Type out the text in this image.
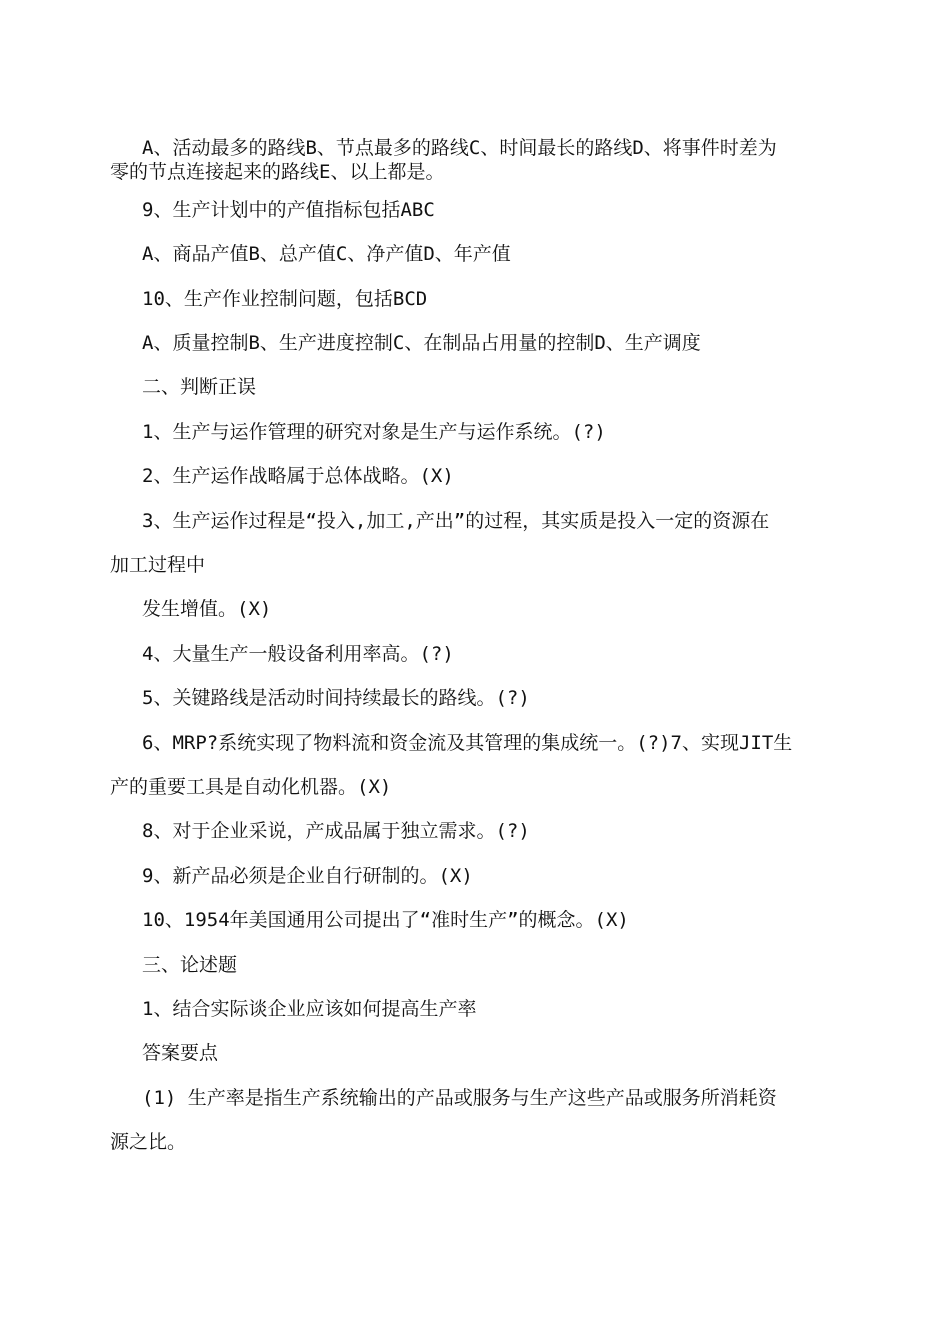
A、活动最多的路线B、节点最多的路线C、时间最长的路线D、将事件时差为
零的节点连接起来的路线E、以上都是。
9、生产计划中的产值指标包括ABC
A、商品产值B、总产值C、净产值D、年产值
10、生产作业控制问题，包括BCD
A、质量控制B、生产进度控制C、在制品占用量的控制D、生产调度
二、判断正误
1、生产与运作管理的研究对象是生产与运作系统。(?)
2、生产运作战略属于总体战略。(X)
3、生产运作过程是“投入,加工,产出”的过程，其实质是投入一定的资源在
加工过程中
发生增值。(X)
4、大量生产一般设备利用率高。(?)
5、关键路线是活动时间持续最长的路线。(?)
6、MRP?系统实现了物料流和资金流及其管理的集成统一。(?)7、实现JIT生
产的重要工具是自动化机器。(X)
8、对于企业采说，产成品属于独立需求。(?)
9、新产品必须是企业自行研制的。(X)
10、1954年美国通用公司提出了“准时生产”的概念。(X)
三、论述题
1、结合实际谈企业应该如何提高生产率
答案要点
(1) 生产率是指生产系统输出的产品或服务与生产这些产品或服务所消耗资
源之比。
